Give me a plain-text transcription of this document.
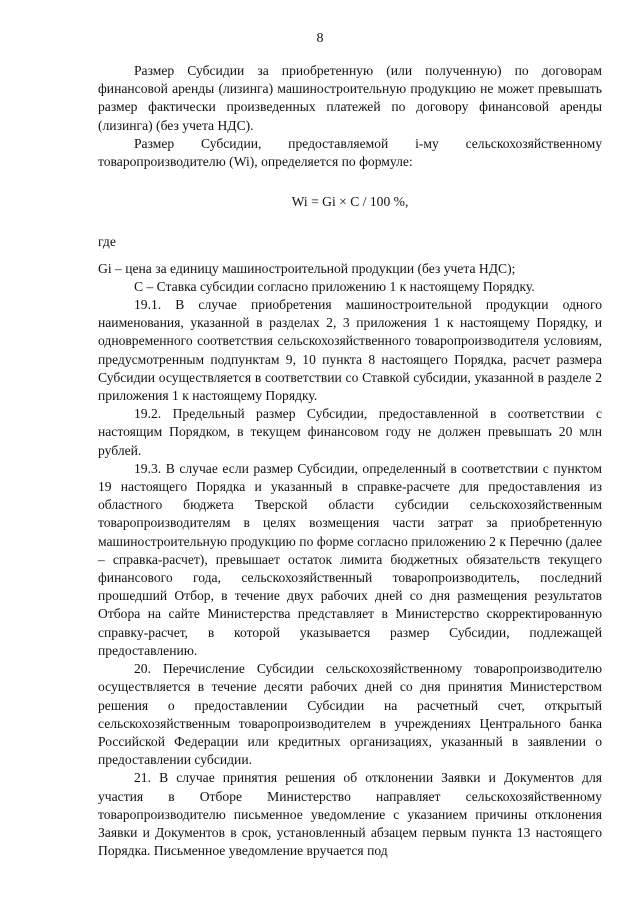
8

Размер Субсидии за приобретенную (или полученную) по договорам финансовой аренды (лизинга) машиностроительную продукцию не может превышать размер фактически произведенных платежей по договору финансовой аренды (лизинга) (без учета НДС).

Размер Субсидии, предоставляемой i-му сельскохозяйственному товаропроизводителю (Wi), определяется по формуле:

Wi = Gi × C / 100 %,

где

Gi – цена за единицу машиностроительной продукции (без учета НДС);

C – Ставка субсидии согласно приложению 1 к настоящему Порядку.

19.1. В случае приобретения машиностроительной продукции одного наименования, указанной в разделах 2, 3 приложения 1 к настоящему Порядку, и одновременного соответствия сельскохозяйственного товаропроизводителя условиям, предусмотренным подпунктам 9, 10 пункта 8 настоящего Порядка, расчет размера Субсидии осуществляется в соответствии со Ставкой субсидии, указанной в разделе 2 приложения 1 к настоящему Порядку.

19.2. Предельный размер Субсидии, предоставленной в соответствии с настоящим Порядком, в текущем финансовом году не должен превышать 20 млн рублей.

19.3. В случае если размер Субсидии, определенный в соответствии с пунктом 19 настоящего Порядка и указанный в справке-расчете для предоставления из областного бюджета Тверской области субсидии сельскохозяйственным товаропроизводителям в целях возмещения части затрат за приобретенную машиностроительную продукцию по форме согласно приложению 2 к Перечню (далее – справка-расчет), превышает остаток лимита бюджетных обязательств текущего финансового года, сельскохозяйственный товаропроизводитель, последний прошедший Отбор, в течение двух рабочих дней со дня размещения результатов Отбора на сайте Министерства представляет в Министерство скорректированную справку-расчет, в которой указывается размер Субсидии, подлежащей предоставлению.

20. Перечисление Субсидии сельскохозяйственному товаропроизводителю осуществляется в течение десяти рабочих дней со дня принятия Министерством решения о предоставлении Субсидии на расчетный счет, открытый сельскохозяйственным товаропроизводителем в учреждениях Центрального банка Российской Федерации или кредитных организациях, указанный в заявлении о предоставлении субсидии.

21. В случае принятия решения об отклонении Заявки и Документов для участия в Отборе Министерство направляет сельскохозяйственному товаропроизводителю письменное уведомление с указанием причины отклонения Заявки и Документов в срок, установленный абзацем первым пункта 13 настоящего Порядка. Письменное уведомление вручается под
